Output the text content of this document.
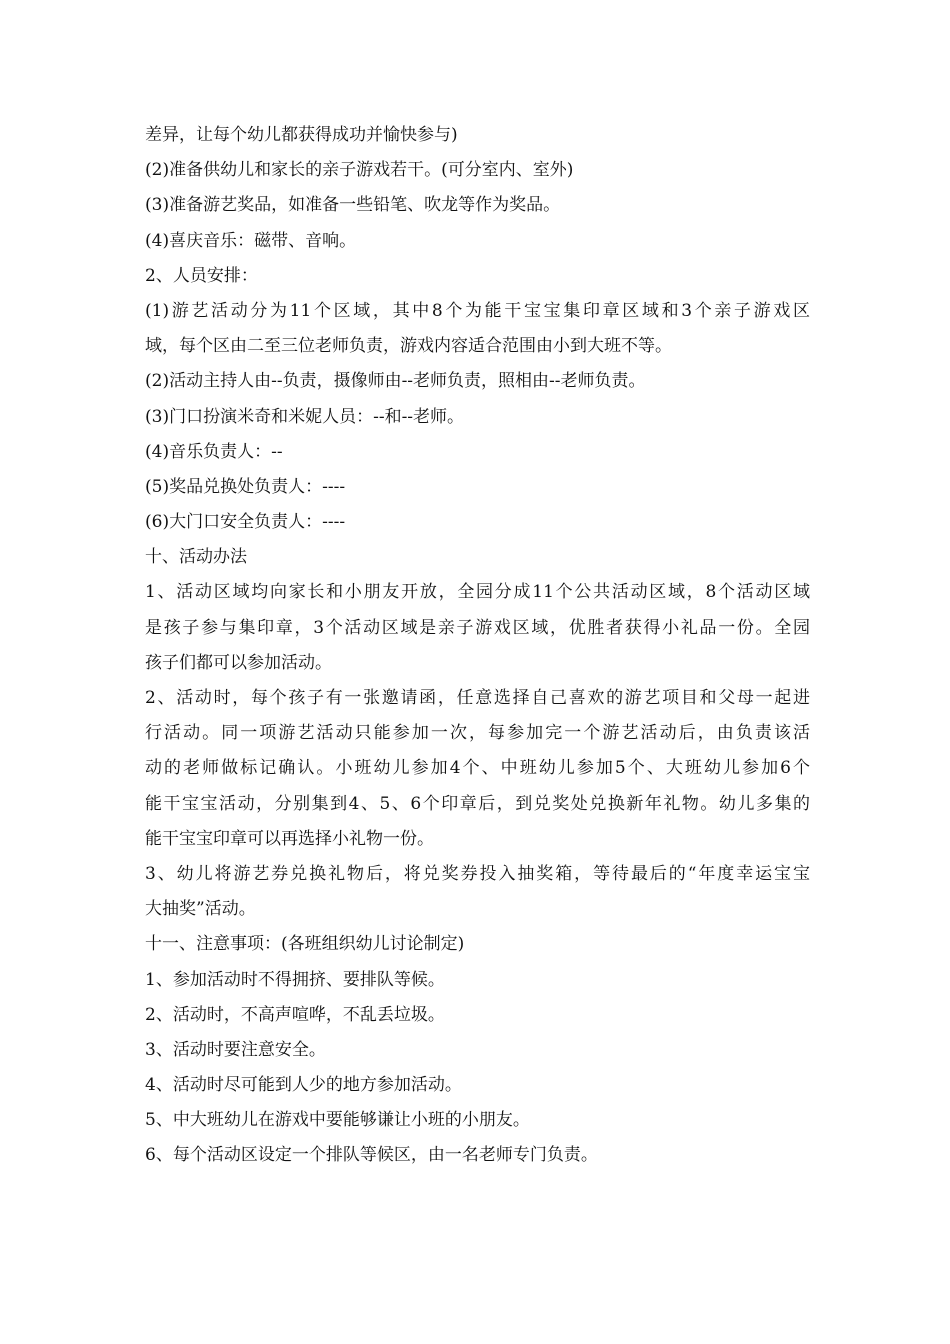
差异，让每个幼儿都获得成功并愉快参与)
(2)准备供幼儿和家长的亲子游戏若干。(可分室内、室外)
(3)准备游艺奖品，如准备一些铅笔、吹龙等作为奖品。
(4)喜庆音乐：磁带、音响。
2、人员安排：
(1)游艺活动分为11个区域，其中8个为能干宝宝集印章区域和3个亲子游戏区
域，每个区由二至三位老师负责，游戏内容适合范围由小到大班不等。
(2)活动主持人由--负责，摄像师由--老师负责，照相由--老师负责。
(3)门口扮演米奇和米妮人员：--和--老师。
(4)音乐负责人：--
(5)奖品兑换处负责人：----
(6)大门口安全负责人：----
十、活动办法
1、活动区域均向家长和小朋友开放，全园分成11个公共活动区域，8个活动区域
是孩子参与集印章，3个活动区域是亲子游戏区域，优胜者获得小礼品一份。全园
孩子们都可以参加活动。
2、活动时，每个孩子有一张邀请函，任意选择自己喜欢的游艺项目和父母一起进
行活动。同一项游艺活动只能参加一次，每参加完一个游艺活动后，由负责该活
动的老师做标记确认。小班幼儿参加4个、中班幼儿参加5个、大班幼儿参加6个
能干宝宝活动，分别集到4、5、6个印章后，到兑奖处兑换新年礼物。幼儿多集的
能干宝宝印章可以再选择小礼物一份。
3、幼儿将游艺券兑换礼物后，将兑奖券投入抽奖箱，等待最后的“年度幸运宝宝
大抽奖”活动。
十一、注意事项：(各班组织幼儿讨论制定)
1、参加活动时不得拥挤、要排队等候。
2、活动时，不高声喧哗，不乱丢垃圾。
3、活动时要注意安全。
4、活动时尽可能到人少的地方参加活动。
5、中大班幼儿在游戏中要能够谦让小班的小朋友。
6、每个活动区设定一个排队等候区，由一名老师专门负责。
